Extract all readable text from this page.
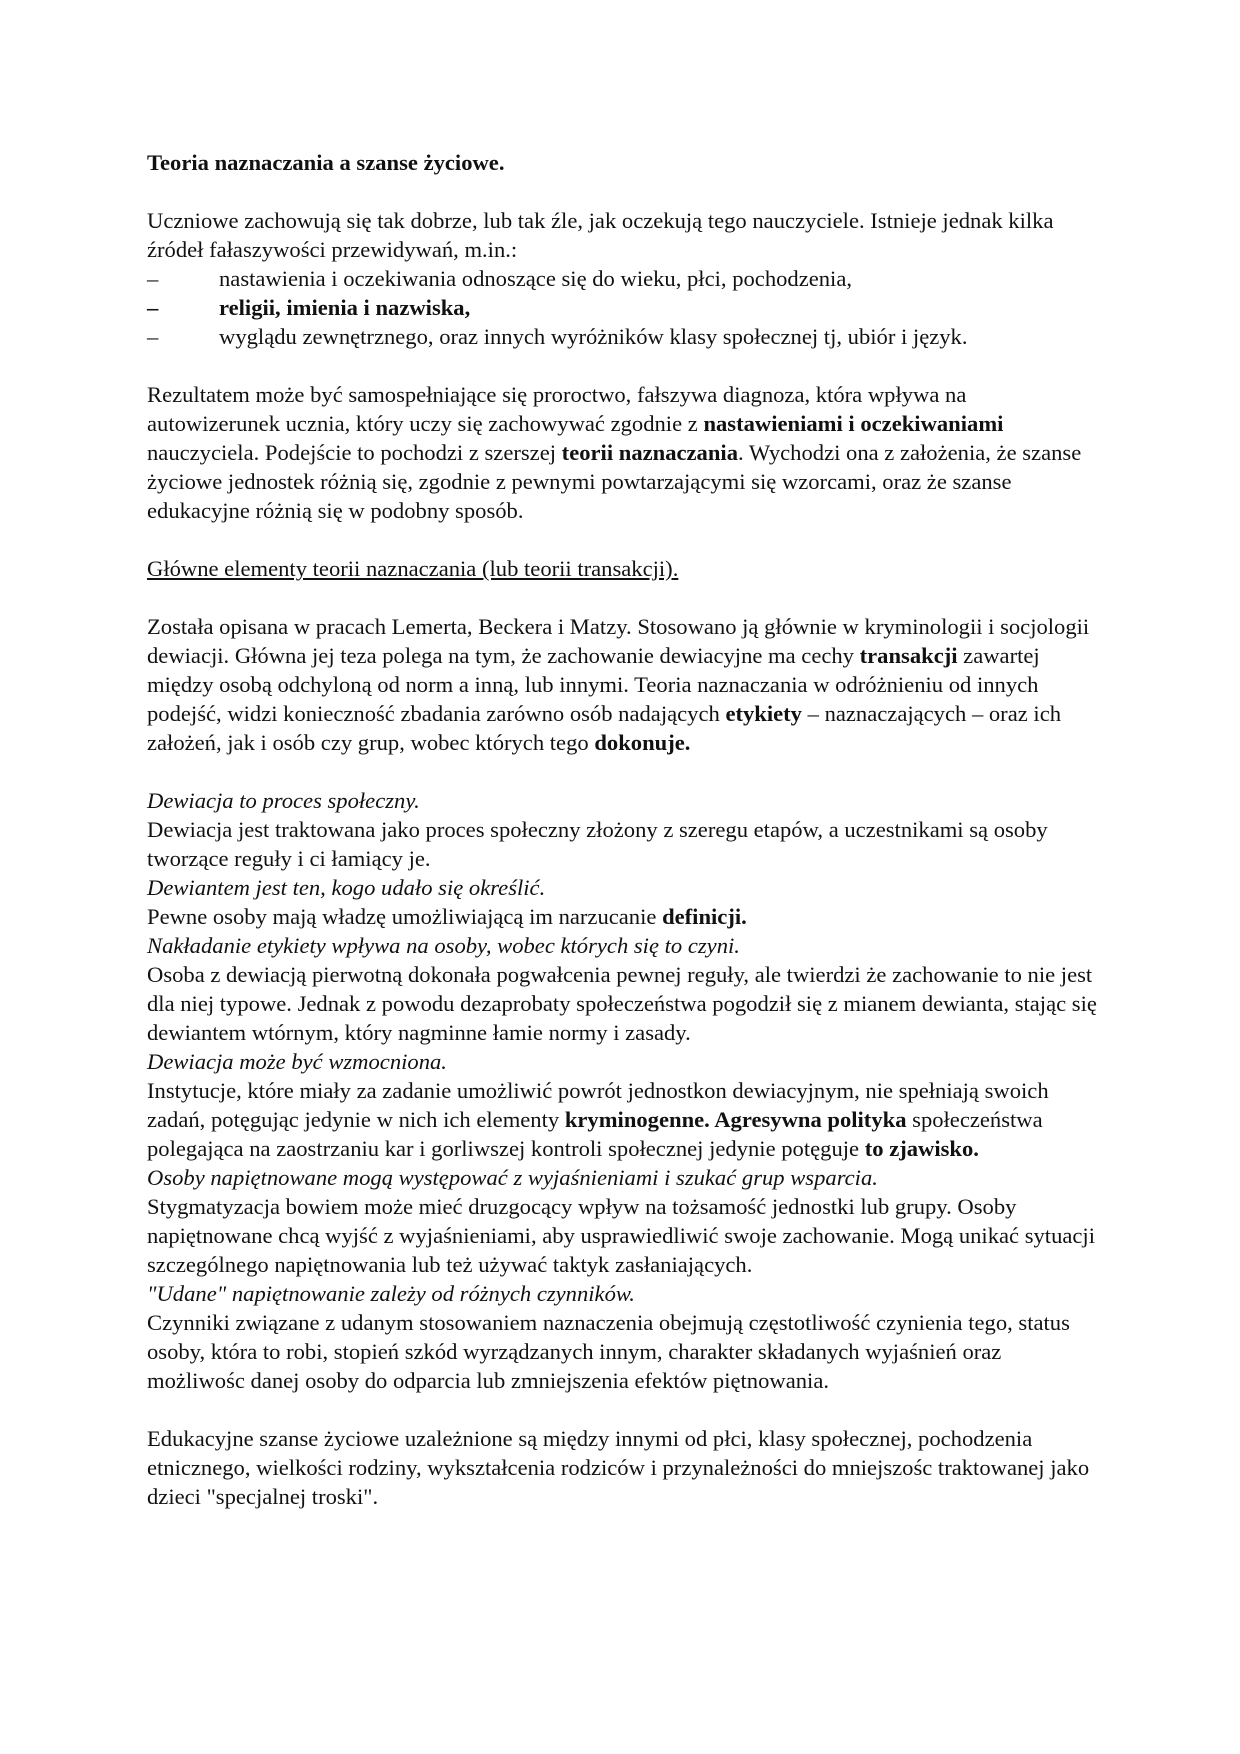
Teoria naznaczania a szanse życiowe.

Uczniowe zachowują się tak dobrze, lub tak źle, jak oczekują tego nauczyciele. Istnieje jednak kilka źródeł fałaszywości przewidywań, m.in.:

–	nastawienia i oczekiwania odnoszące się do wieku, płci, pochodzenia,
–	religii, imienia i nazwiska,
–	wyglądu zewnętrznego, oraz innych wyróżników klasy społecznej tj, ubiór i język.

Rezultatem może być samospełniające się proroctwo, fałszywa diagnoza, która wpływa na autowizerunek ucznia, który uczy się zachowywać zgodnie z nastawieniami i oczekiwaniami nauczyciela. Podejście to pochodzi z szerszej teorii naznaczania. Wychodzi ona z założenia, że szanse życiowe jednostek różnią się, zgodnie z pewnymi powtarzającymi się wzorcami, oraz że szanse edukacyjne różnią się w podobny sposób.

Główne elementy teorii naznaczania (lub teorii transakcji).

Została opisana w pracach Lemerta, Beckera i Matzy. Stosowano ją głównie w kryminologii i socjologii dewiacji. Główna jej teza polega na tym, że zachowanie dewiacyjne ma cechy transakcji zawartej między osobą odchyloną od norm a inną, lub innymi. Teoria naznaczania w odróżnieniu od innych podejść, widzi konieczność zbadania zarówno osób nadających etykiety – naznaczających – oraz ich założeń, jak i osób czy grup, wobec których tego dokonuje.

Dewiacja to proces społeczny.

Dewiacja jest traktowana jako proces społeczny złożony z szeregu etapów, a uczestnikami są osoby tworzące reguły i ci łamiący je.

Dewiantem jest ten, kogo udało się określić.

Pewne osoby mają władzę umożliwiającą im narzucanie definicji.

Nakładanie etykiety wpływa na osoby, wobec których się to czyni.

Osoba z dewiacją pierwotną dokonała pogwałcenia pewnej reguły, ale twierdzi że zachowanie to nie jest dla niej typowe. Jednak z powodu dezaprobaty społeczeństwa pogodził się z mianem dewianta, stając się dewiantem wtórnym, który nagminne łamie normy i zasady.

Dewiacja może być wzmocniona.

Instytucje, które miały za zadanie umożliwić powrót jednostkon dewiacyjnym, nie spełniają swoich zadań, potęgując jedynie w nich ich elementy kryminogenne. Agresywna polityka społeczeństwa polegająca na zaostrzaniu kar i gorliwszej kontroli społecznej jedynie potęguje to zjawisko.

Osoby napiętnowane mogą występować z wyjaśnieniami i szukać grup wsparcia.

Stygmatyzacja bowiem może mieć druzgocący wpływ na tożsamość jednostki lub grupy. Osoby napiętnowane chcą wyjść z wyjaśnieniami, aby usprawiedliwić swoje zachowanie. Mogą unikać sytuacji szczególnego napiętnowania lub też używać taktyk zasłaniających.

"Udane" napiętnowanie zależy od różnych czynników.

Czynniki związane z udanym stosowaniem naznaczenia obejmują częstotliwość czynienia tego, status osoby, która to robi, stopień szkód wyrządzanych innym, charakter składanych wyjaśnień oraz możliwośc danej osoby do odparcia lub zmniejszenia efektów piętnowania.

Edukacyjne szanse życiowe uzależnione są między innymi od płci, klasy społecznej, pochodzenia etnicznego, wielkości rodziny, wykształcenia rodziców i przynależności do mniejszośc traktowanej jako dzieci "specjalnej troski".
